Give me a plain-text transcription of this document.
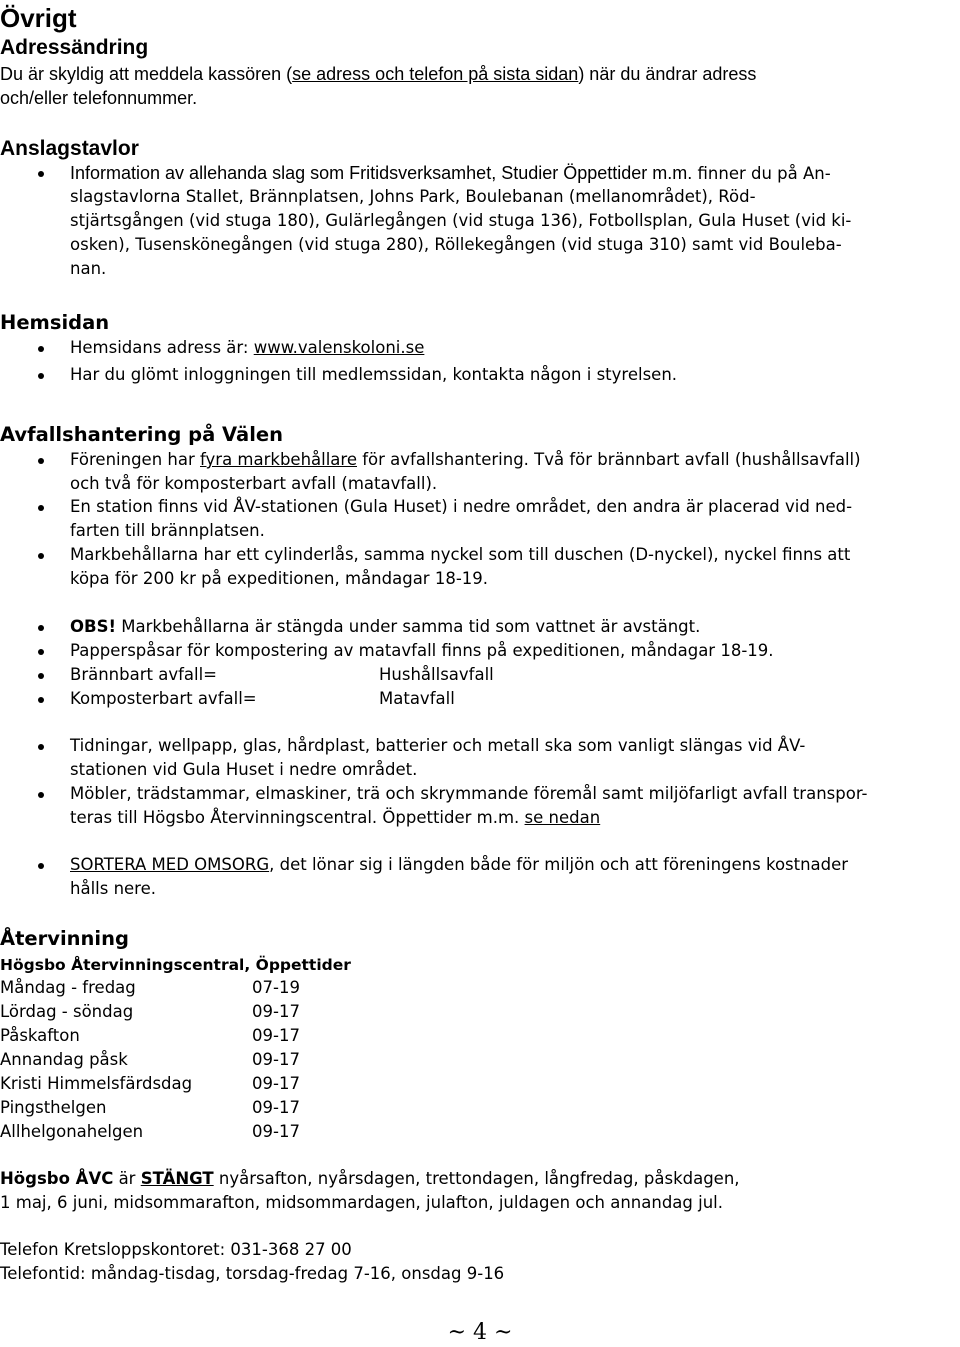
Övrigt
Adressändring
Du är skyldig att meddela kassören (se adress och telefon på sista sidan) när du ändrar adress
och/eller telefonnummer.
Anslagstavlor
Information av allehanda slag som Fritidsverksamhet, Studier Öppettider m.m. finner du på An-
slagstavlorna Stallet, Brännplatsen, Johns Park, Boulebanan (mellanområdet), Röd-
stjärtsgången (vid stuga 180), Gulärlegången (vid stuga 136), Fotbollsplan, Gula Huset (vid ki-
osken), Tusenskönegången (vid stuga 280), Röllekegången (vid stuga 310) samt vid Bouleba-
nan.
Hemsidan
Hemsidans adress är: www.valenskoloni.se
Har du glömt inloggningen till medlemssidan, kontakta någon i styrelsen.
Avfallshantering på Välen
Föreningen har fyra markbehållare för avfallshantering. Två för brännbart avfall (hushållsavfall)
och två för komposterbart avfall (matavfall).
En station finns vid ÅV-stationen (Gula Huset) i nedre området, den andra är placerad vid ned-
farten till brännplatsen.
Markbehållarna har ett cylinderlås, samma nyckel som till duschen (D-nyckel), nyckel finns att
köpa för 200 kr på expeditionen, måndagar 18-19.
OBS! Markbehållarna är stängda under samma tid som vattnet är avstängt.
Papperspåsar för kompostering av matavfall finns på expeditionen, måndagar 18-19.
Brännbart avfall=	Hushållsavfall
Komposterbart avfall=	Matavfall
Tidningar, wellpapp, glas, hårdplast, batterier och metall ska som vanligt slängas vid ÅV-
stationen vid Gula Huset i nedre området.
Möbler, trädstammar, elmaskiner, trä och skrymmande föremål samt miljöfarligt avfall transpor-
teras till Högsbo Återvinningscentral. Öppettider m.m. se nedan
SORTERA MED OMSORG, det lönar sig i längden både för miljön och att föreningens kostnader
hålls nere.
Återvinning
Högsbo Återvinningscentral, Öppettider
Måndag - fredag	07-19
Lördag - söndag	09-17
Påskafton	09-17
Annandag påsk	09-17
Kristi Himmelsfärdsdag	09-17
Pingsthelgen	09-17
Allhelgonahelgen	09-17
Högsbo ÅVC är STÄNGT nyårsafton, nyårsdagen, trettondagen, långfredag, påskdagen,
1 maj, 6 juni, midsommarafton, midsommardagen, julafton, juldagen och annandag jul.
Telefon Kretsloppskontoret: 031-368 27 00
Telefontid: måndag-tisdag, torsdag-fredag 7-16, onsdag 9-16
~ 4 ~
